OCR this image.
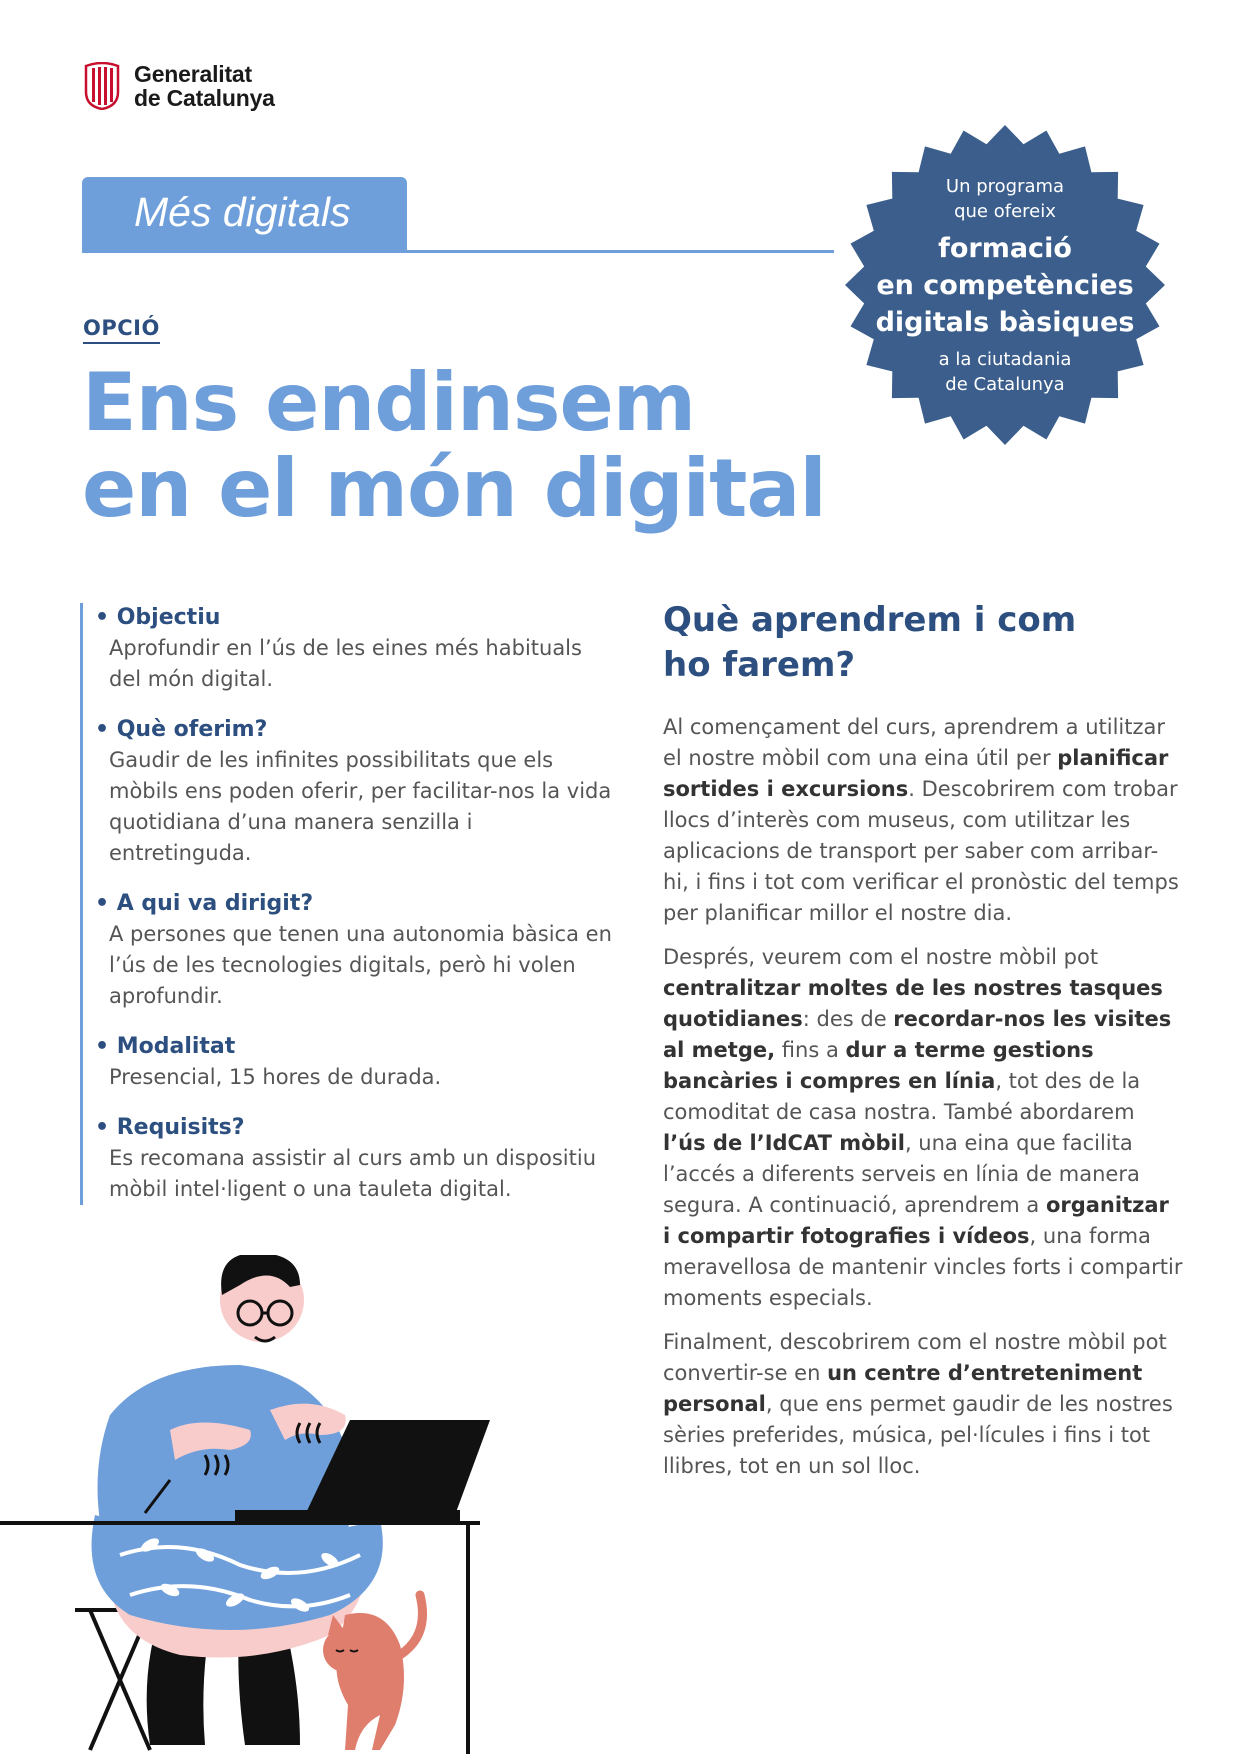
Generalitat
de Catalunya
Més digitals
Un programa
que ofereix
formació
en competències
digitals bàsiques
a la ciutadania
de Catalunya
OPCIÓ
Ens endinsem
en el món digital
• Objectiu
Aprofundir en l’ús de les eines més habituals del món digital.
• Què oferim?
Gaudir de les infinites possibilitats que els mòbils ens poden oferir, per facilitar-nos la vida quotidiana d’una manera senzilla i entretinguda.
• A qui va dirigit?
A persones que tenen una autonomia bàsica en l’ús de les tecnologies digitals, però hi volen aprofundir.
• Modalitat
Presencial, 15 hores de durada.
• Requisits?
Es recomana assistir al curs amb un dispositiu mòbil intel·ligent o una tauleta digital.
Què aprendrem i com
ho farem?

Al començament del curs, aprendrem a utilitzar el nostre mòbil com una eina útil per planificar sortides i excursions. Descobrirem com trobar llocs d’interès com museus, com utilitzar les aplicacions de transport per saber com arribar-hi, i fins i tot com verificar el pronòstic del temps per planificar millor el nostre dia.

Després, veurem com el nostre mòbil pot centralitzar moltes de les nostres tasques quotidianes: des de recordar-nos les visites al metge, fins a dur a terme gestions bancàries i compres en línia, tot des de la comoditat de casa nostra. També abordarem l’ús de l’IdCAT mòbil, una eina que facilita l’accés a diferents serveis en línia de manera segura. A continuació, aprendrem a organitzar i compartir fotografies i vídeos, una forma meravellosa de mantenir vincles forts i compartir moments especials.

Finalment, descobrirem com el nostre mòbil pot convertir-se en un centre d’entreteniment personal, que ens permet gaudir de les nostres sèries preferides, música, pel·lícules i fins i tot llibres, tot en un sol lloc.
